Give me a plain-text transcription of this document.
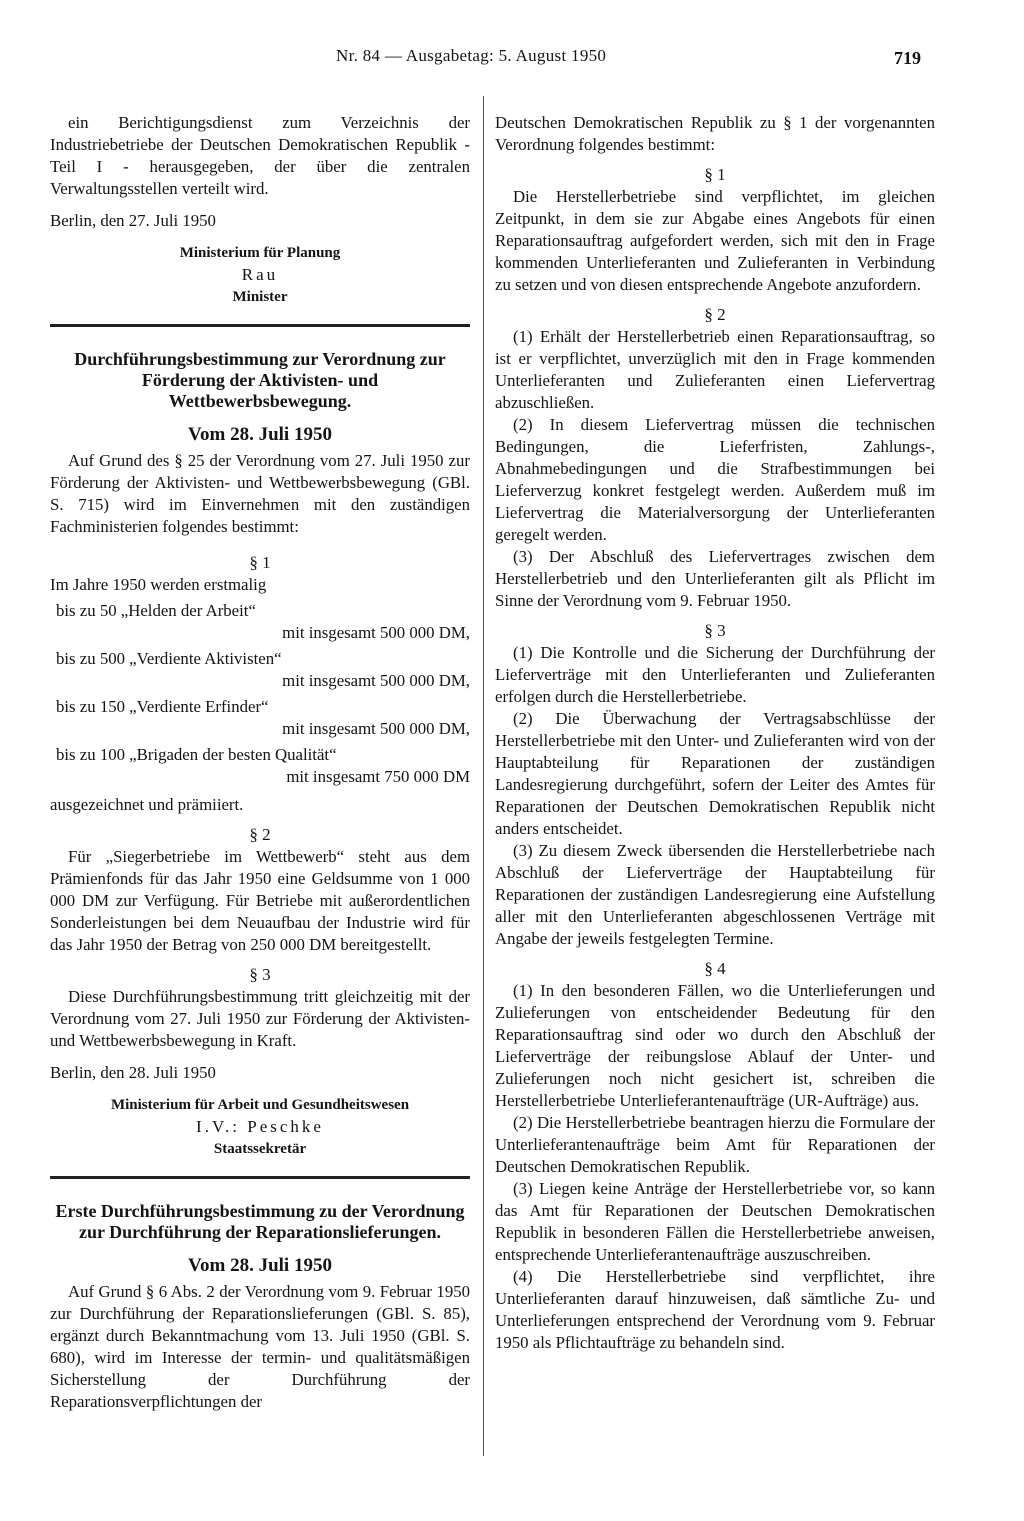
Nr. 84 — Ausgabetag: 5. August 1950	719

ein Berichtigungsdienst zum Verzeichnis der Industriebetriebe der Deutschen Demokratischen Republik - Teil I - herausgegeben, der über die zentralen Verwaltungsstellen verteilt wird.

Berlin, den 27. Juli 1950

Ministerium für Planung
Rau
Minister
Durchführungsbestimmung zur Verordnung zur Förderung der Aktivisten- und Wettbewerbsbewegung.
Vom 28. Juli 1950

Auf Grund des § 25 der Verordnung vom 27. Juli 1950 zur Förderung der Aktivisten- und Wettbewerbsbewegung (GBl. S. 715) wird im Einvernehmen mit den zuständigen Fachministerien folgendes bestimmt:

§ 1

Im Jahre 1950 werden erstmalig

bis zu 50 „Helden der Arbeit“
mit insgesamt 500 000 DM,
bis zu 500 „Verdiente Aktivisten“
mit insgesamt 500 000 DM,
bis zu 150 „Verdiente Erfinder“
mit insgesamt 500 000 DM,
bis zu 100 „Brigaden der besten Qualität“
mit insgesamt 750 000 DM

ausgezeichnet und prämiiert.

§ 2

Für „Siegerbetriebe im Wettbewerb“ steht aus dem Prämienfonds für das Jahr 1950 eine Geldsumme von 1 000 000 DM zur Verfügung. Für Betriebe mit außerordentlichen Sonderleistungen bei dem Neuaufbau der Industrie wird für das Jahr 1950 der Betrag von 250 000 DM bereitgestellt.

§ 3

Diese Durchführungsbestimmung tritt gleichzeitig mit der Verordnung vom 27. Juli 1950 zur Förderung der Aktivisten- und Wettbewerbsbewegung in Kraft.

Berlin, den 28. Juli 1950

Ministerium für Arbeit und Gesundheitswesen
I.V.: Peschke
Staatssekretär
Erste Durchführungsbestimmung zu der Verordnung zur Durchführung der Reparationslieferungen.
Vom 28. Juli 1950

Auf Grund § 6 Abs. 2 der Verordnung vom 9. Februar 1950 zur Durchführung der Reparationslieferungen (GBl. S. 85), ergänzt durch Bekanntmachung vom 13. Juli 1950 (GBl. S. 680), wird im Interesse der termin- und qualitätsmäßigen Sicherstellung der Durchführung der Reparationsverpflichtungen der

Deutschen Demokratischen Republik zu § 1 der vorgenannten Verordnung folgendes bestimmt:

§ 1

Die Herstellerbetriebe sind verpflichtet, im gleichen Zeitpunkt, in dem sie zur Abgabe eines Angebots für einen Reparationsauftrag aufgefordert werden, sich mit den in Frage kommenden Unterlieferanten und Zulieferanten in Verbindung zu setzen und von diesen entsprechende Angebote anzufordern.

§ 2

(1) Erhält der Herstellerbetrieb einen Reparationsauftrag, so ist er verpflichtet, unverzüglich mit den in Frage kommenden Unterlieferanten und Zulieferanten einen Liefervertrag abzuschließen.

(2) In diesem Liefervertrag müssen die technischen Bedingungen, die Lieferfristen, Zahlungs-, Abnahmebedingungen und die Strafbestimmungen bei Lieferverzug konkret festgelegt werden. Außerdem muß im Liefervertrag die Materialversorgung der Unterlieferanten geregelt werden.

(3) Der Abschluß des Liefervertrages zwischen dem Herstellerbetrieb und den Unterlieferanten gilt als Pflicht im Sinne der Verordnung vom 9. Februar 1950.

§ 3

(1) Die Kontrolle und die Sicherung der Durchführung der Lieferverträge mit den Unterlieferanten und Zulieferanten erfolgen durch die Herstellerbetriebe.

(2) Die Überwachung der Vertragsabschlüsse der Herstellerbetriebe mit den Unter- und Zulieferanten wird von der Hauptabteilung für Reparationen der zuständigen Landesregierung durchgeführt, sofern der Leiter des Amtes für Reparationen der Deutschen Demokratischen Republik nicht anders entscheidet.

(3) Zu diesem Zweck übersenden die Herstellerbetriebe nach Abschluß der Lieferverträge der Hauptabteilung für Reparationen der zuständigen Landesregierung eine Aufstellung aller mit den Unterlieferanten abgeschlossenen Verträge mit Angabe der jeweils festgelegten Termine.

§ 4

(1) In den besonderen Fällen, wo die Unterlieferungen und Zulieferungen von entscheidender Bedeutung für den Reparationsauftrag sind oder wo durch den Abschluß der Lieferverträge der reibungslose Ablauf der Unter- und Zulieferungen noch nicht gesichert ist, schreiben die Herstellerbetriebe Unterlieferantenaufträge (UR-Aufträge) aus.

(2) Die Herstellerbetriebe beantragen hierzu die Formulare der Unterlieferantenaufträge beim Amt für Reparationen der Deutschen Demokratischen Republik.

(3) Liegen keine Anträge der Herstellerbetriebe vor, so kann das Amt für Reparationen der Deutschen Demokratischen Republik in besonderen Fällen die Herstellerbetriebe anweisen, entsprechende Unterlieferantenaufträge auszuschreiben.

(4) Die Herstellerbetriebe sind verpflichtet, ihre Unterlieferanten darauf hinzuweisen, daß sämtliche Zu- und Unterlieferungen entsprechend der Verordnung vom 9. Februar 1950 als Pflichtaufträge zu behandeln sind.
